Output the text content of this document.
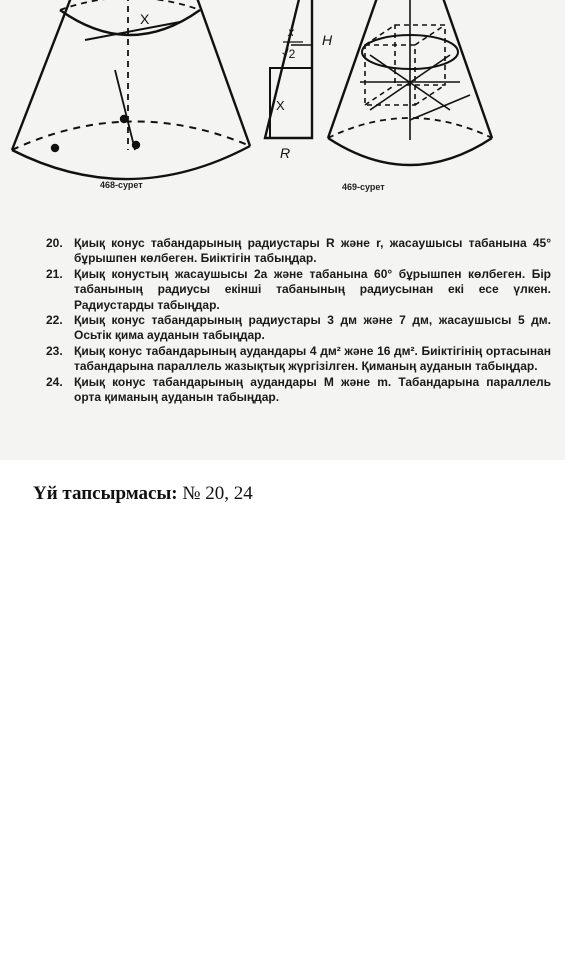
X
x
√2
H
X
R
468-сурет	469-сурет
20. Қиық конус табандарының радиустары R және r, жасаушысы табанына 45° бұрышпен көлбеген. Биіктігін табыңдар.
21. Қиық конустың жасаушысы 2a және табанына 60° бұрышпен көлбеген. Бір табанының радиусы екінші табанының радиусынан екі есе үлкен. Радиустарды табыңдар.
22. Қиық конус табандарының радиустары 3 дм және 7 дм, жасаушысы 5 дм. Осьтік қима ауданын табыңдар.
23. Қиық конус табандарының аудандары 4 дм² және 16 дм². Биіктігінің ортасынан табандарына параллель жазықтық жүргізілген. Қиманың ауданын табыңдар.
24. Қиық конус табандарының аудандары M және m. Табандарына параллель орта қиманың ауданын табыңдар.
Үй тапсырмасы: № 20, 24
